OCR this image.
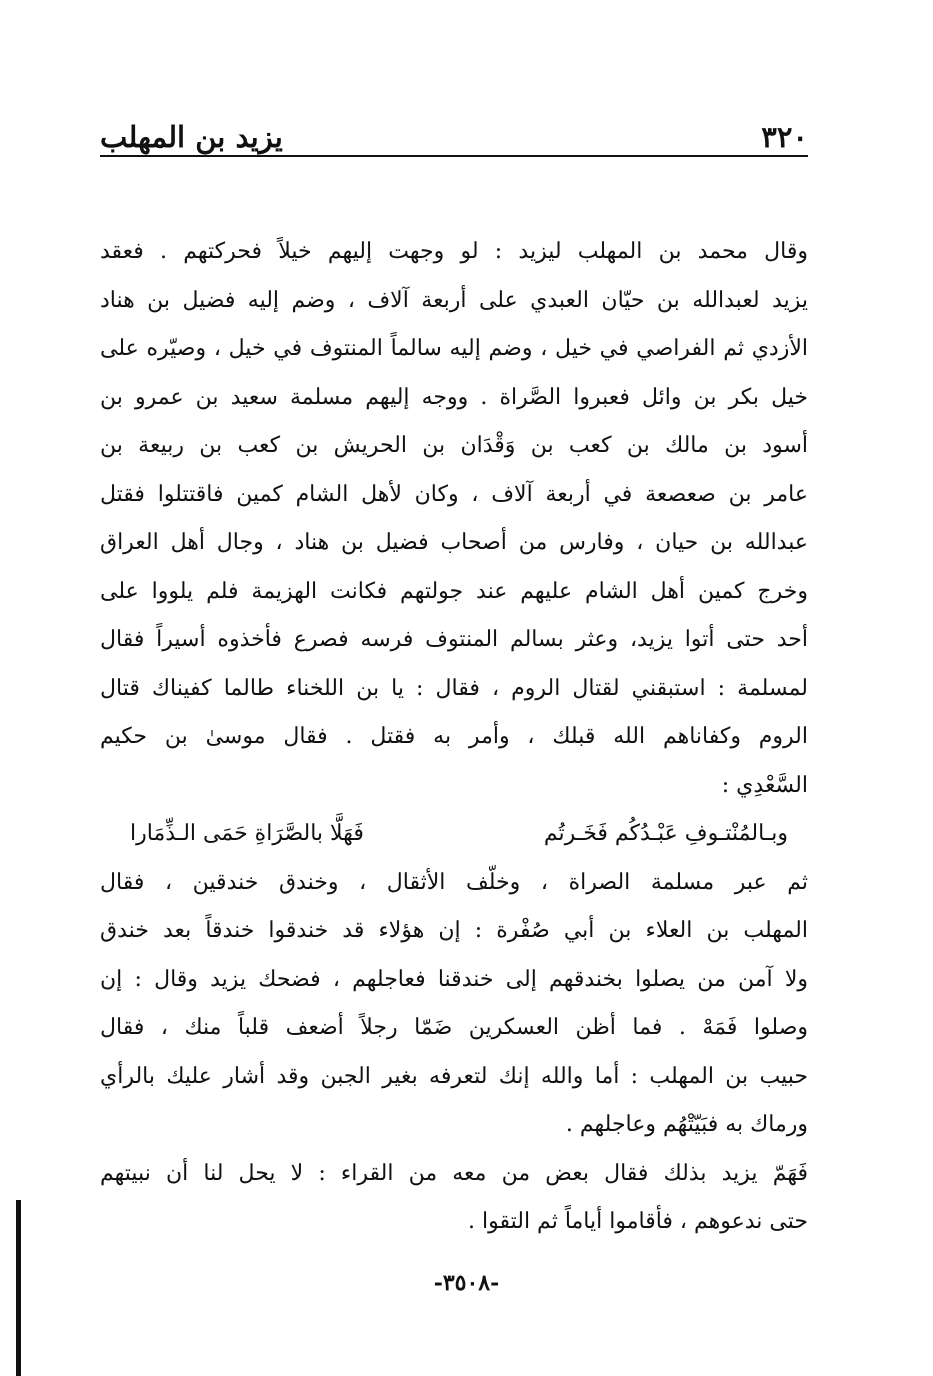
٣٢٠
يزيد بن المهلب
وقال محمد بن المهلب ليزيد : لو وجهت إليهم خيلاً فحركتهم . فعقد
يزيد لعبدالله بن حيّان العبدي على أربعة آلاف ، وضم إليه فضيل بن هناد
الأزدي ثم الفراصي في خيل ، وضم إليه سالماً المنتوف في خيل ، وصيّره على
خيل بكر بن وائل فعبروا الصَّراة . ووجه إليهم مسلمة سعيد بن عمرو بن
أسود بن مالك بن كعب بن وَقْدَان بن الحريش بن كعب بن ربيعة بن
عامر بن صعصعة في أربعة آلاف ، وكان لأهل الشام كمين فاقتتلوا فقتل
عبدالله بن حيان ، وفارس من أصحاب فضيل بن هناد ، وجال أهل العراق
وخرج كمين أهل الشام عليهم عند جولتهم فكانت الهزيمة فلم يلووا على
أحد حتى أتوا يزيد، وعثر بسالم المنتوف فرسه فصرع فأخذوه أسيراً فقال
لمسلمة : استبقني لقتال الروم ، فقال : يا بن اللخناء طالما كفيناك قتال
الروم وكفاناهم الله قبلك ، وأمر به فقتل . فقال موسىٰ بن حكيم
السَّعْدِي :
وبـالمُنْتـوفِ عَبْـدُكُم فَخَـرتُم
فَهَلَّا بالصَّرَاةِ حَمَى الـذِّمَارا
ثم عبر مسلمة الصراة ، وخلّف الأثقال ، وخندق خندقين ، فقال
المهلب بن العلاء بن أبي صُفْرة : إن هؤلاء قد خندقوا خندقاً بعد خندق
ولا آمن من يصلوا بخندقهم إلى خندقنا فعاجلهم ، فضحك يزيد وقال : إن
وصلوا فَمَهْ . فما أظن العسكرين ضَمّا رجلاً أضعف قلباً منك ، فقال
حبيب بن المهلب : أما والله إنك لتعرفه بغير الجبن وقد أشار عليك بالرأي
ورماك به فبَيّتْهُم وعاجلهم .
فَهَمّ يزيد بذلك فقال بعض من معه من القراء : لا يحل لنا أن نبيتهم
حتى ندعوهم ، فأقاموا أياماً ثم التقوا .
-٣٥٠٨-
